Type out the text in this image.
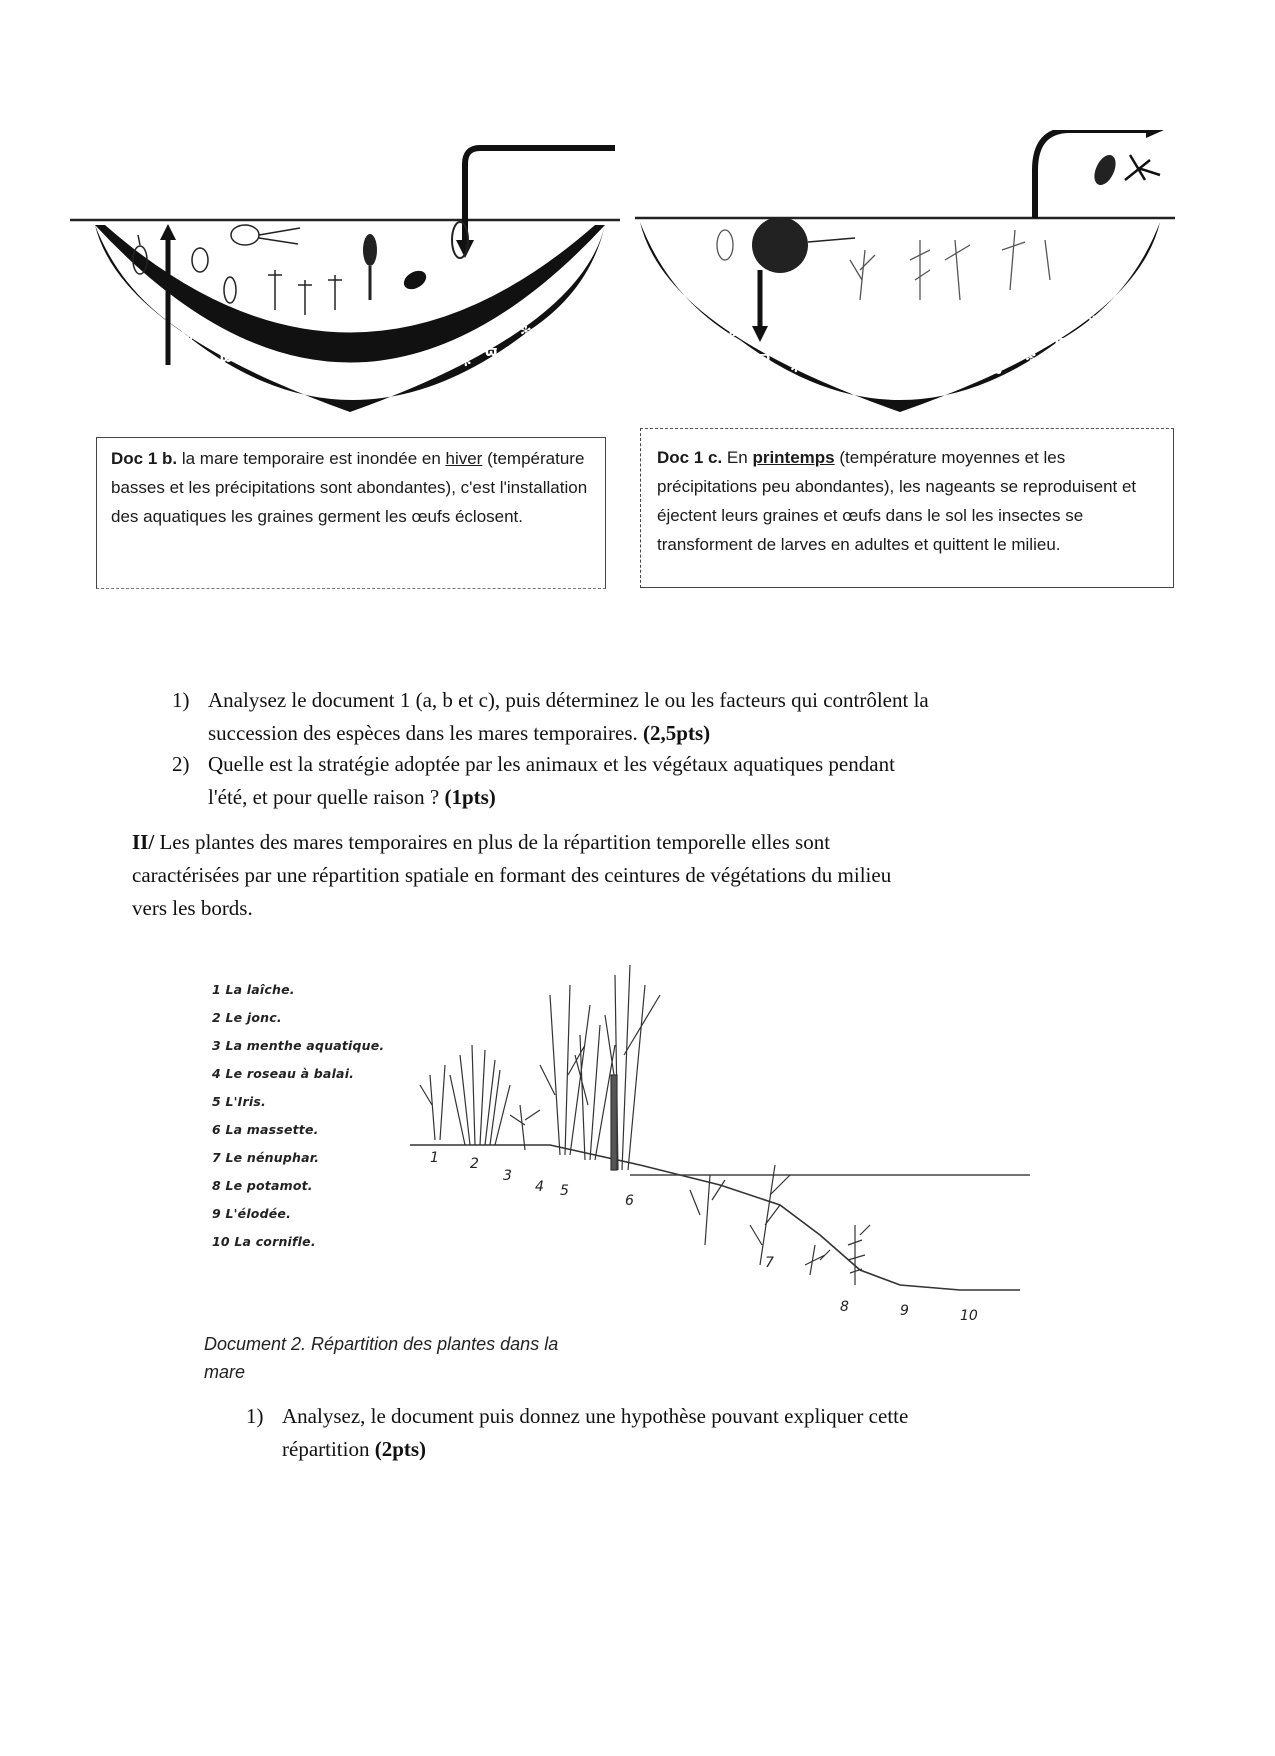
✻
ϖ
✻ ϖ ✻ ϖ ✻ ϖ
✻
ϖ
✻	✻
ϖ
✻
ϖ ✻ ϖ ✻ ϖ
✻
ϖ
✻
Doc 1 b. la mare temporaire est inondée en hiver (température basses et les précipitations sont abondantes), c'est l'installation des aquatiques les graines germent les œufs éclosent.
Doc 1 c. En printemps (température moyennes et les précipitations peu abondantes), les nageants se reproduisent et éjectent leurs graines et œufs dans le sol les insectes se transforment de larves en adultes et quittent le milieu.
1) Analysez le document 1 (a, b et c), puis déterminez le ou les facteurs qui contrôlent la
succession des espèces dans les mares temporaires. (2,5pts)
2) Quelle est la stratégie adoptée par les animaux et les végétaux aquatiques pendant
l'été, et pour quelle raison ? (1pts)
II/ Les plantes des mares temporaires en plus de la répartition temporelle elles sont
caractérisées par une répartition spatiale en formant des ceintures de végétations du milieu
vers les bords.
1 La laîche.
2 Le jonc.
3 La menthe aquatique.
4 Le roseau à balai.
5 L'Iris.
6 La massette.
7 Le nénuphar.
8 Le potamot.
9 L'élodée.
10 La cornifle.
1 2
3
4 5
6
7
8	9	10
Document 2. Répartition des plantes dans la
mare
1) Analysez, le document puis donnez une hypothèse pouvant expliquer cette
répartition (2pts)
